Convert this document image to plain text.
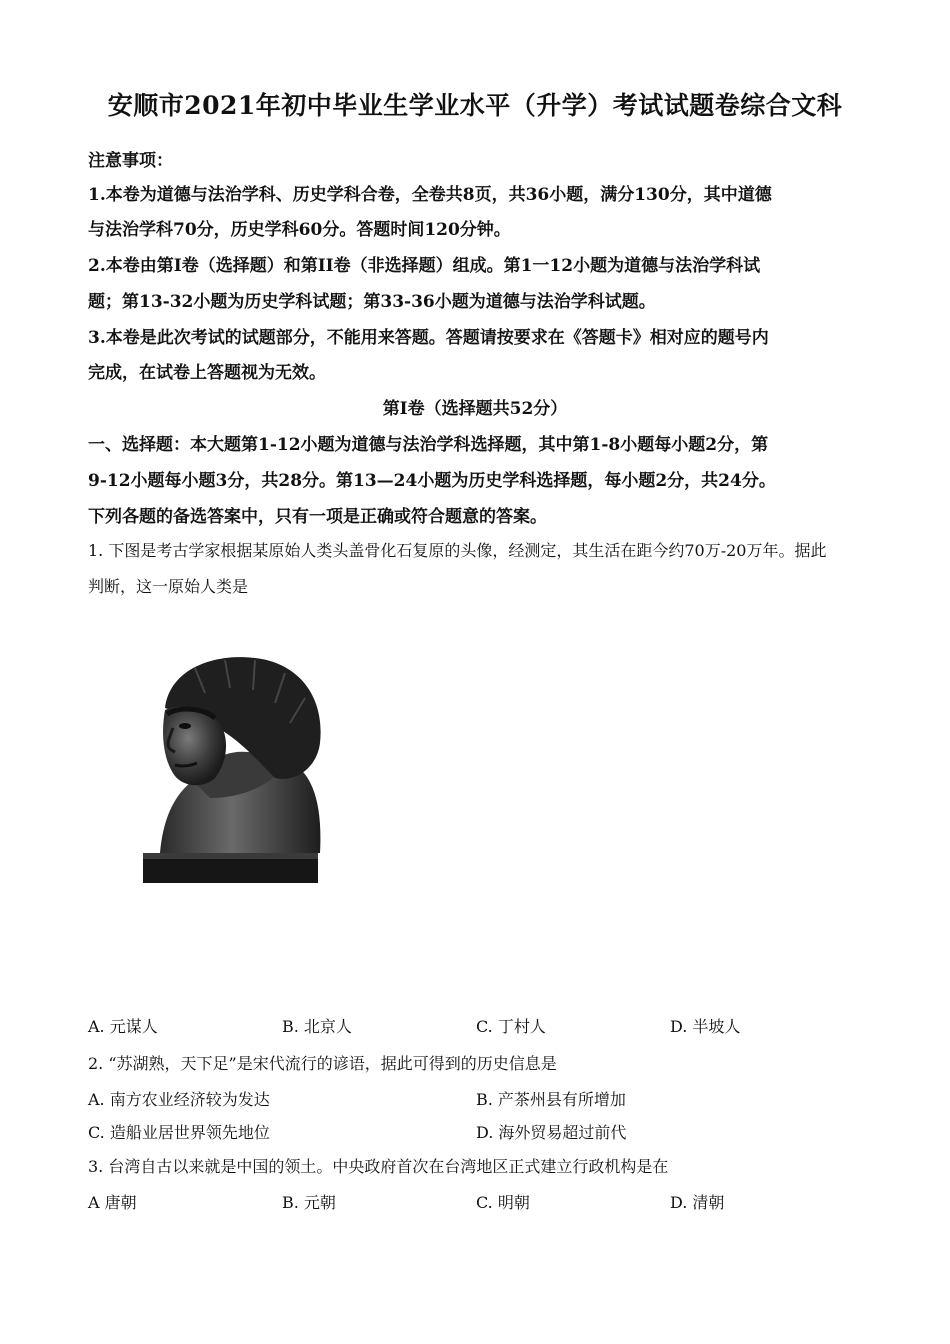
安顺市2021年初中毕业生学业水平（升学）考试试题卷综合文科
注意事项：
1.本卷为道德与法治学科、历史学科合卷，全卷共8页，共36小题，满分130分，其中道德
与法治学科70分，历史学科60分。答题时间120分钟。
2.本卷由第I卷（选择题）和第II卷（非选择题）组成。第1一12小题为道德与法治学科试
题；第13-32小题为历史学科试题；第33-36小题为道德与法治学科试题。
3.本卷是此次考试的试题部分，不能用来答题。答题请按要求在《答题卡》相对应的题号内
完成，在试卷上答题视为无效。
第I卷（选择题共52分）
一、选择题：本大题第1-12小题为道德与法治学科选择题，其中第1-8小题每小题2分，第
9-12小题每小题3分，共28分。第13—24小题为历史学科选择题，每小题2分，共24分。
下列各题的备选答案中，只有一项是正确或符合题意的答案。
1. 下图是考古学家根据某原始人类头盖骨化石复原的头像，经测定，其生活在距今约70万-20万年。据此
判断，这一原始人类是
A. 元谋人	B. 北京人	C. 丁村人	D. 半坡人
2. “苏湖熟，天下足”是宋代流行的谚语，据此可得到的历史信息是
A. 南方农业经济较为发达	B. 产茶州县有所增加
C. 造船业居世界领先地位	D. 海外贸易超过前代
3. 台湾自古以来就是中国的领土。中央政府首次在台湾地区正式建立行政机构是在
A 唐朝	B. 元朝	C. 明朝	D. 清朝
